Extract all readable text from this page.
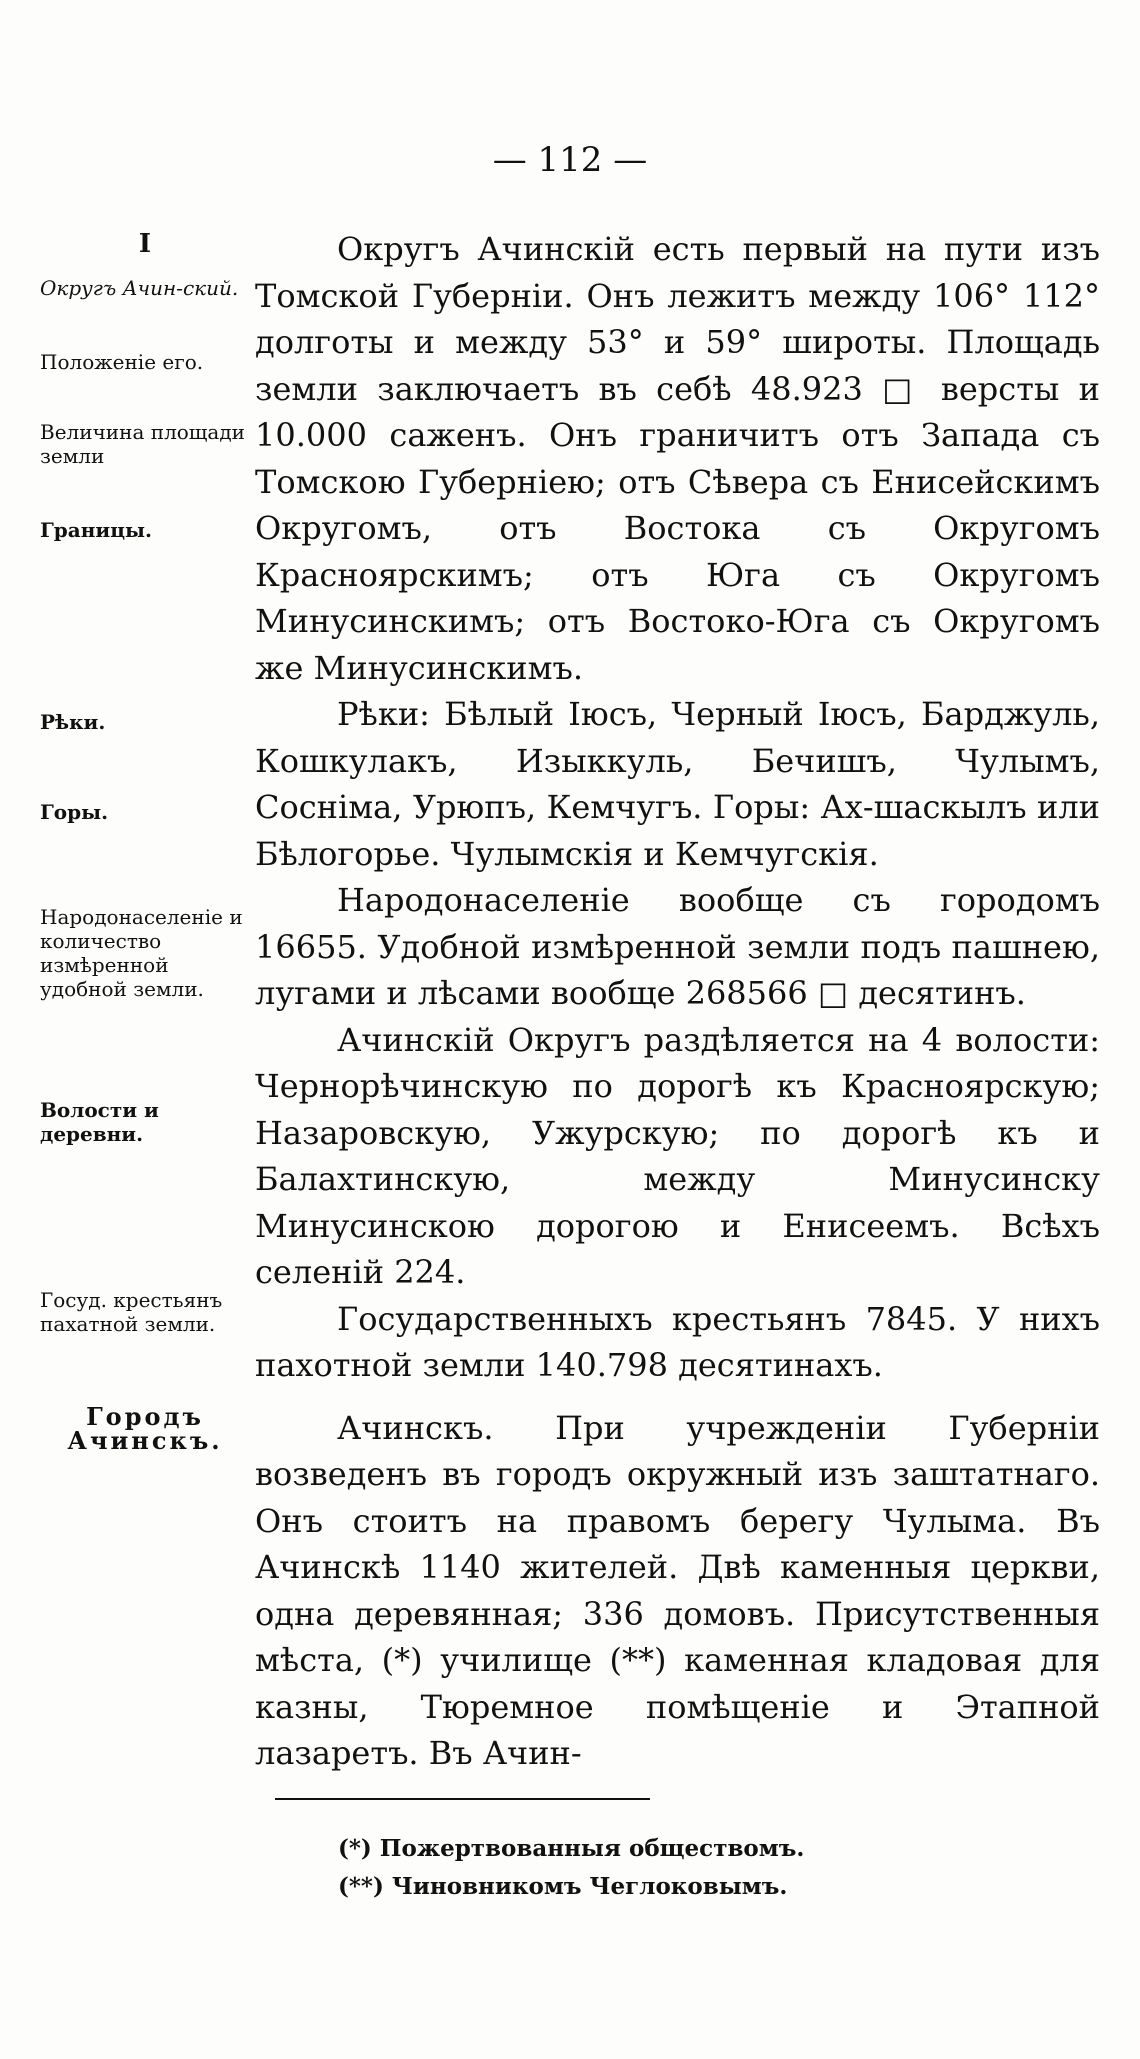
— 112 —
I
Округъ Ачин-ский.
Положеніе его.
Величина площади земли
Границы.
Рѣки.
Горы.
Народонаселеніе и количество измѣренной удобной земли.
Волости и деревни.
Госуд. крестьянъ пахатной земли.
Городъ Ачинскъ.

Округъ Ачинскій есть первый на пути изъ Томской Губерніи. Онъ лежитъ между 106° 112° долготы и между 53° и 59° широты. Площадь земли заключаетъ въ себѣ 48.923 □ версты и 10.000 саженъ. Онъ граничитъ отъ Запада съ Томскою Губерніею; отъ Сѣвера съ Енисейскимъ Округомъ, отъ Востока съ Округомъ Красноярскимъ; отъ Юга съ Округомъ Минусинскимъ; отъ Востоко-Юга съ Округомъ же Минусинскимъ.

Рѣки: Бѣлый Іюсъ, Черный Іюсъ, Барджуль, Кошкулакъ, Изыккуль, Бечишъ, Чулымъ, Сосніма, Урюпъ, Кемчугъ. Горы: Ах-шаскылъ или Бѣлогорье. Чулымскія и Кемчугскія.

Народонаселеніе вообще съ городомъ 16655. Удобной измѣренной земли подъ пашнею, лугами и лѣсами вообще 268566 □ десятинъ.

Ачинскій Округъ раздѣляется на 4 волости: Чернорѣчинскую по дорогѣ къ Красноярскую; Назаровскую, Ужурскую; по дорогѣ къ и Балахтинскую, между Минусинску Минусинскою дорогою и Енисеемъ. Всѣхъ селеній 224.

Государственныхъ крестьянъ 7845. У нихъ пахотной земли 140.798 десятинахъ.

Ачинскъ. При учрежденіи Губерніи возведенъ въ городъ окружный изъ заштатнаго. Онъ стоитъ на правомъ берегу Чулыма. Въ Ачинскѣ 1140 жителей. Двѣ каменныя церкви, одна деревянная; 336 домовъ. Присутственныя мѣста, (*) училище (**) каменная кладовая для казны, Тюремное помѣщеніе и Этапной лазаретъ. Въ Ачин-

(*) Пожертвованныя обществомъ.
(**) Чиновникомъ Чеглоковымъ.
